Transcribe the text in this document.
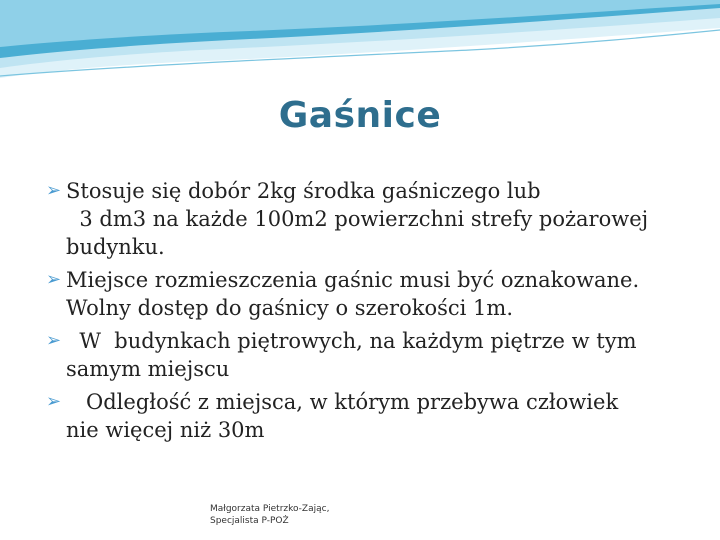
Gaśnice
➢ Stosuje się dobór 2kg środka gaśniczego lub
3 dm3 na każde 100m2 powierzchni strefy pożarowej
budynku.
➢ Miejsce rozmieszczenia gaśnic musi być oznakowane.
Wolny dostęp do gaśnicy o szerokości 1m.
➢ W  budynkach piętrowych, na każdym piętrze w tym
samym miejscu
➢ Odległość z miejsca, w którym przebywa człowiek
nie więcej niż 30m
Małgorzata Pietrzko-Zając,
Specjalista P-POŻ
